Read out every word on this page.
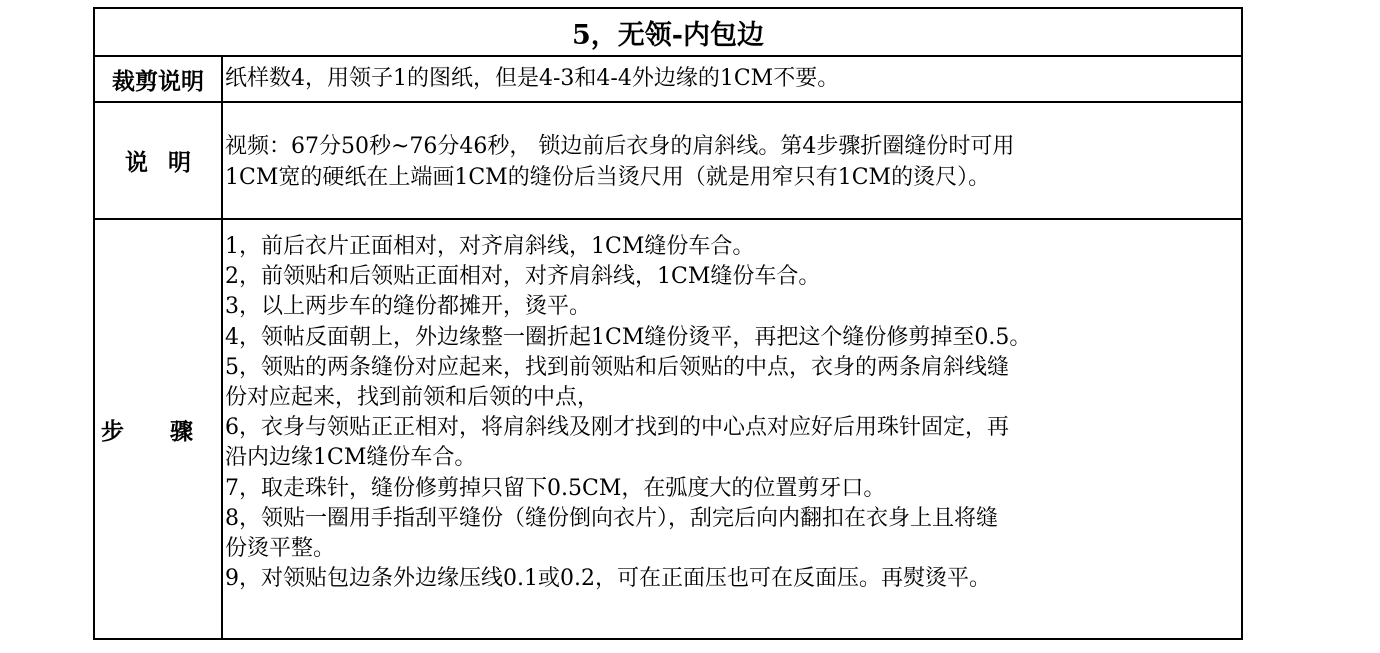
5，无领-内包边
裁剪说明 纸样数4，用领子1的图纸，但是4-3和4-4外边缘的1CM不要。
说明
视频：67分50秒~76分46秒， 锁边前后衣身的肩斜线。第4步骤折圈缝份时可用
1CM宽的硬纸在上端画1CM的缝份后当烫尺用（就是用窄只有1CM的烫尺）。
步 骤
1，前后衣片正面相对，对齐肩斜线，1CM缝份车合。
2，前领贴和后领贴正面相对，对齐肩斜线，1CM缝份车合。
3，以上两步车的缝份都摊开，烫平。
4，领帖反面朝上，外边缘整一圈折起1CM缝份烫平，再把这个缝份修剪掉至0.5。
5，领贴的两条缝份对应起来，找到前领贴和后领贴的中点，衣身的两条肩斜线缝
份对应起来，找到前领和后领的中点，
6，衣身与领贴正正相对，将肩斜线及刚才找到的中心点对应好后用珠针固定，再
沿内边缘1CM缝份车合。
7，取走珠针，缝份修剪掉只留下0.5CM，在弧度大的位置剪牙口。
8，领贴一圈用手指刮平缝份（缝份倒向衣片），刮完后向内翻扣在衣身上且将缝
份烫平整。
9，对领贴包边条外边缘压线0.1或0.2，可在正面压也可在反面压。再熨烫平。
